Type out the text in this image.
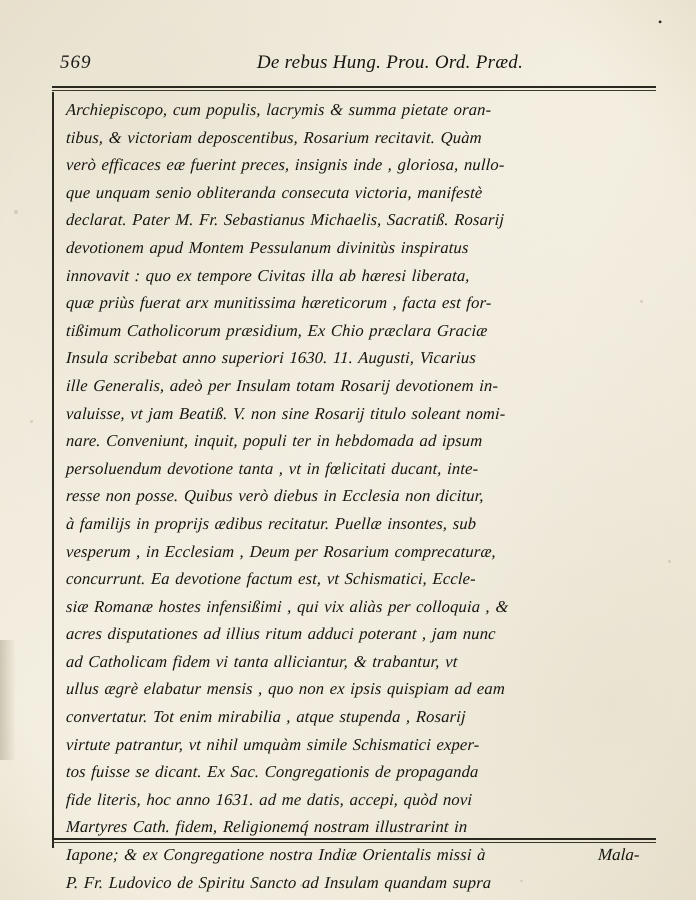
•
569	De rebus Hung. Prou. Ord. Præd.
Archiepiscopo, cum populis, lacrymis & summa pietate oran-
tibus, & victoriam deposcentibus, Rosarium recitavit. Quàm
verò efficaces eæ fuerint preces, insignis inde , gloriosa, nullo-
que unquam senio obliteranda consecuta victoria, manifestè
declarat. Pater M. Fr. Sebastianus Michaelis, Sacratiß. Rosarij
devotionem apud Montem Pessulanum divinitùs inspiratus
innovavit : quo ex tempore Civitas illa ab hæresi liberata,
quæ priùs fuerat arx munitissima hæreticorum , facta est for-
tißimum Catholicorum præsidium, Ex Chio præclara Graciæ
Insula scribebat anno superiori 1630. 11. Augusti, Vicarius
ille Generalis, adeò per Insulam totam Rosarij devotionem in-
valuisse, vt jam Beatiß. V. non sine Rosarij titulo soleant nomi-
nare. Conveniunt, inquit, populi ter in hebdomada ad ipsum
persoluendum devotione tanta , vt in fœlicitati ducant, inte-
resse non posse. Quibus verò diebus in Ecclesia non dicitur,
à familijs in proprijs ædibus recitatur. Puellæ insontes, sub
vesperum , in Ecclesiam , Deum per Rosarium comprecaturæ,
concurrunt. Ea devotione factum est, vt Schismatici, Eccle-
siæ Romanæ hostes infensißimi , qui vix aliàs per colloquia , &
acres disputationes ad illius ritum adduci poterant , jam nunc
ad Catholicam fidem vi tanta alliciantur, & trabantur, vt
ullus ægrè elabatur mensis , quo non ex ipsis quispiam ad eam
convertatur. Tot enim mirabilia , atque stupenda , Rosarij
virtute patrantur, vt nihil umquàm simile Schismatici exper-
tos fuisse se dicant. Ex Sac. Congregationis de propaganda
fide literis, hoc anno 1631. ad me datis, accepi, quòd novi
Martyres Cath. fidem, Religionemq́ nostram illustrarint in
Iapone; & ex Congregatione nostra Indiæ Orientalis missi à
P. Fr. Ludovico de Spiritu Sancto ad Insulam quandam supra
Mala-
